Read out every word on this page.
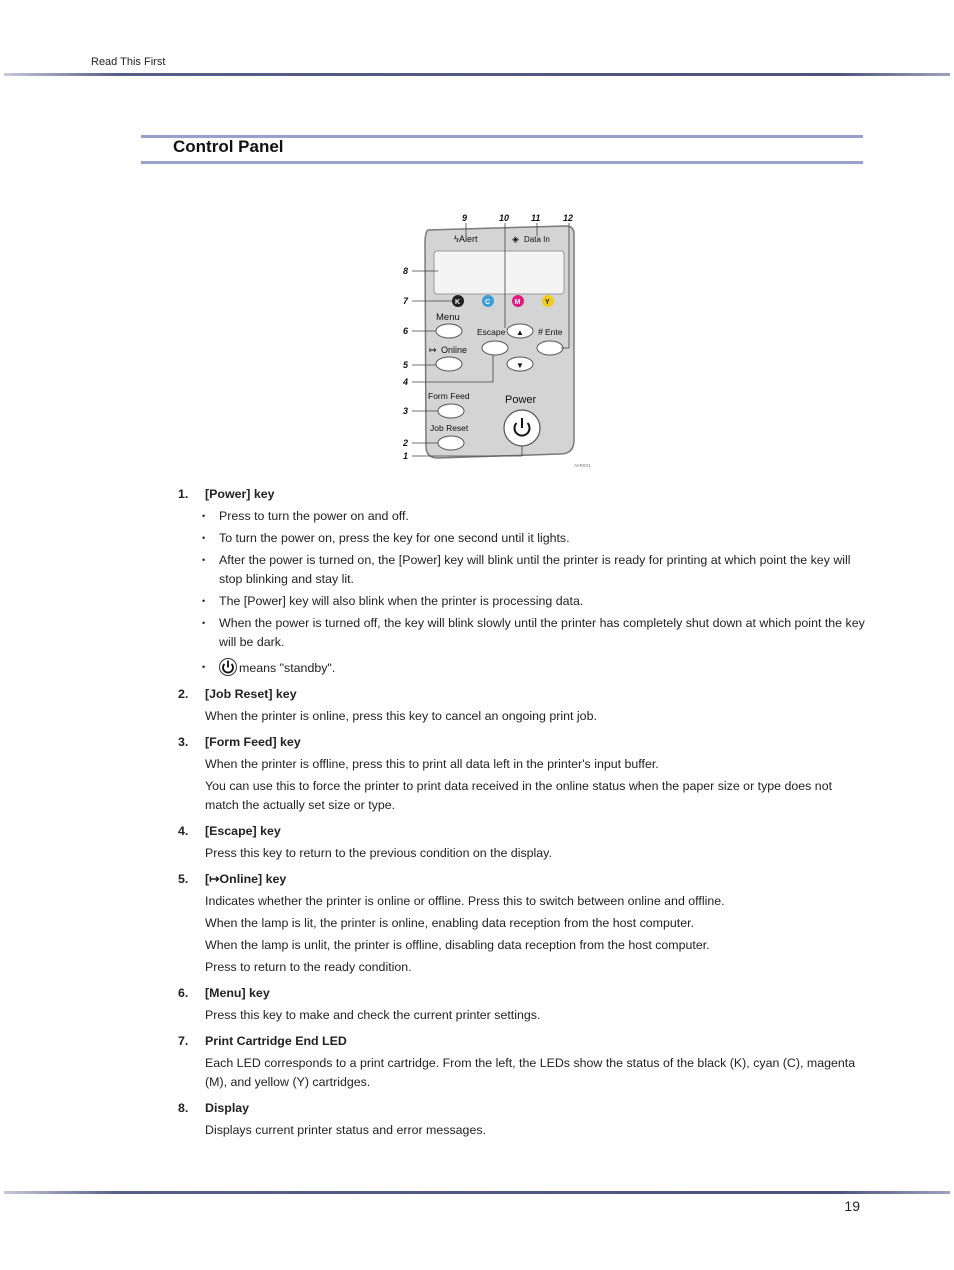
Read This First
Control Panel
ϟ Alert	◈ Data In
K	C	M	Y
Menu
Escape ▲ # Ente
↦ Online
▼
Form Feed	Power
Job Reset
9	10 11	12
8
7
6
5
4
3
2
1
AVR0X1
1.	[Power] key
• Press to turn the power on and off.
• To turn the power on, press the key for one second until it lights.
• After the power is turned on, the [Power] key will blink until the printer is ready for printing at which point the key will stop blinking and stay lit.
• The [Power] key will also blink when the printer is processing data.
• When the power is turned off, the key will blink slowly until the printer has completely shut down at which point the key will be dark.
• means "standby".
2.	[Job Reset] key
When the printer is online, press this key to cancel an ongoing print job.
3.	[Form Feed] key
When the printer is offline, press this to print all data left in the printer's input buffer.
You can use this to force the printer to print data received in the online status when the paper size or type does not match the actually set size or type.
4.	[Escape] key
Press this key to return to the previous condition on the display.
5.	[↦Online] key
Indicates whether the printer is online or offline. Press this to switch between online and offline.
When the lamp is lit, the printer is online, enabling data reception from the host computer.
When the lamp is unlit, the printer is offline, disabling data reception from the host computer.
Press to return to the ready condition.
6.	[Menu] key
Press this key to make and check the current printer settings.
7.	Print Cartridge End LED
Each LED corresponds to a print cartridge. From the left, the LEDs show the status of the black (K), cyan (C), magenta (M), and yellow (Y) cartridges.
8.	Display
Displays current printer status and error messages.
19
